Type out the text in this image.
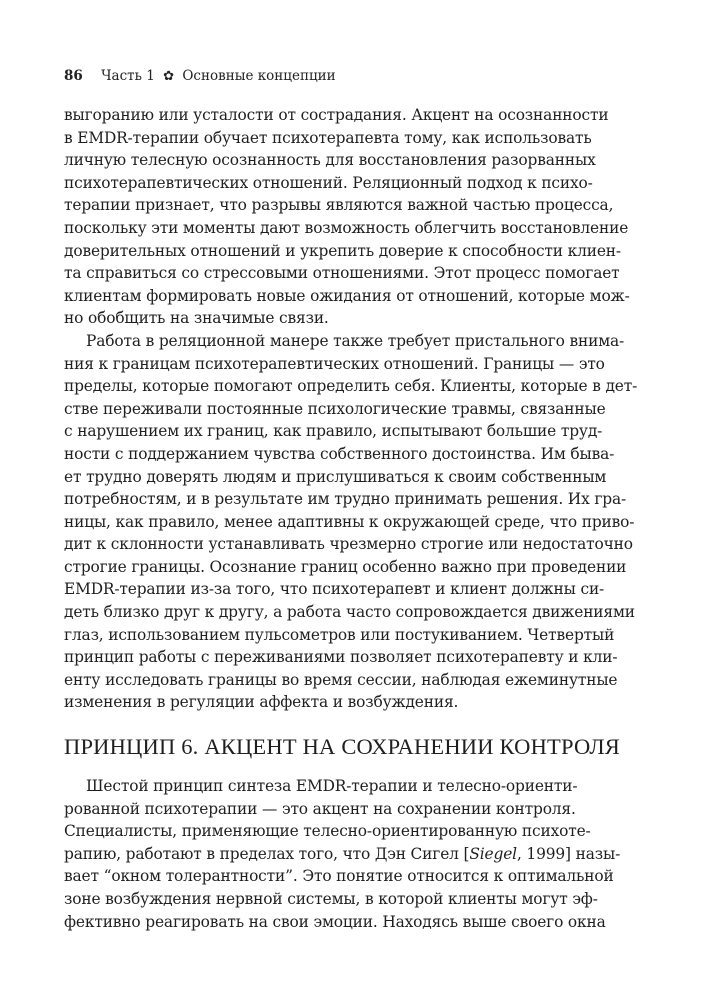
86 Часть 1 ✿ Основные концепции
выгоранию или усталости от сострадания. Акцент на осознанности
в EMDR-терапии обучает психотерапевта тому, как использовать
личную телесную осознанность для восстановления разорванных
психотерапевтических отношений. Реляционный подход к психо-
терапии признает, что разрывы являются важной частью процесса,
поскольку эти моменты дают возможность облегчить восстановление
доверительных отношений и укрепить доверие к способности клиен-
та справиться со стрессовыми отношениями. Этот процесс помогает
клиентам формировать новые ожидания от отношений, которые мож-
но обобщить на значимые связи.
Работа в реляционной манере также требует пристального внима-
ния к границам психотерапевтических отношений. Границы — это
пределы, которые помогают определить себя. Клиенты, которые в дет-
стве переживали постоянные психологические травмы, связанные
с нарушением их границ, как правило, испытывают большие труд-
ности с поддержанием чувства собственного достоинства. Им быва-
ет трудно доверять людям и прислушиваться к своим собственным
потребностям, и в результате им трудно принимать решения. Их гра-
ницы, как правило, менее адаптивны к окружающей среде, что приво-
дит к склонности устанавливать чрезмерно строгие или недостаточно
строгие границы. Осознание границ особенно важно при проведении
EMDR-терапии из-за того, что психотерапевт и клиент должны си-
деть близко друг к другу, а работа часто сопровождается движениями
глаз, использованием пульсометров или постукиванием. Четвертый
принцип работы с переживаниями позволяет психотерапевту и кли-
енту исследовать границы во время сессии, наблюдая ежеминутные
изменения в регуляции аффекта и возбуждения.
ПРИНЦИП 6. АКЦЕНТ НА СОХРАНЕНИИ КОНТРОЛЯ
Шестой принцип синтеза EMDR-терапии и телесно-ориенти-
рованной психотерапии — это акцент на сохранении контроля.
Специалисты, применяющие телесно-ориентированную психоте-
рапию, работают в пределах того, что Дэн Сигел [Siegel, 1999] назы-
вает “окном толерантности”. Это понятие относится к оптимальной
зоне возбуждения нервной системы, в которой клиенты могут эф-
фективно реагировать на свои эмоции. Находясь выше своего окна
